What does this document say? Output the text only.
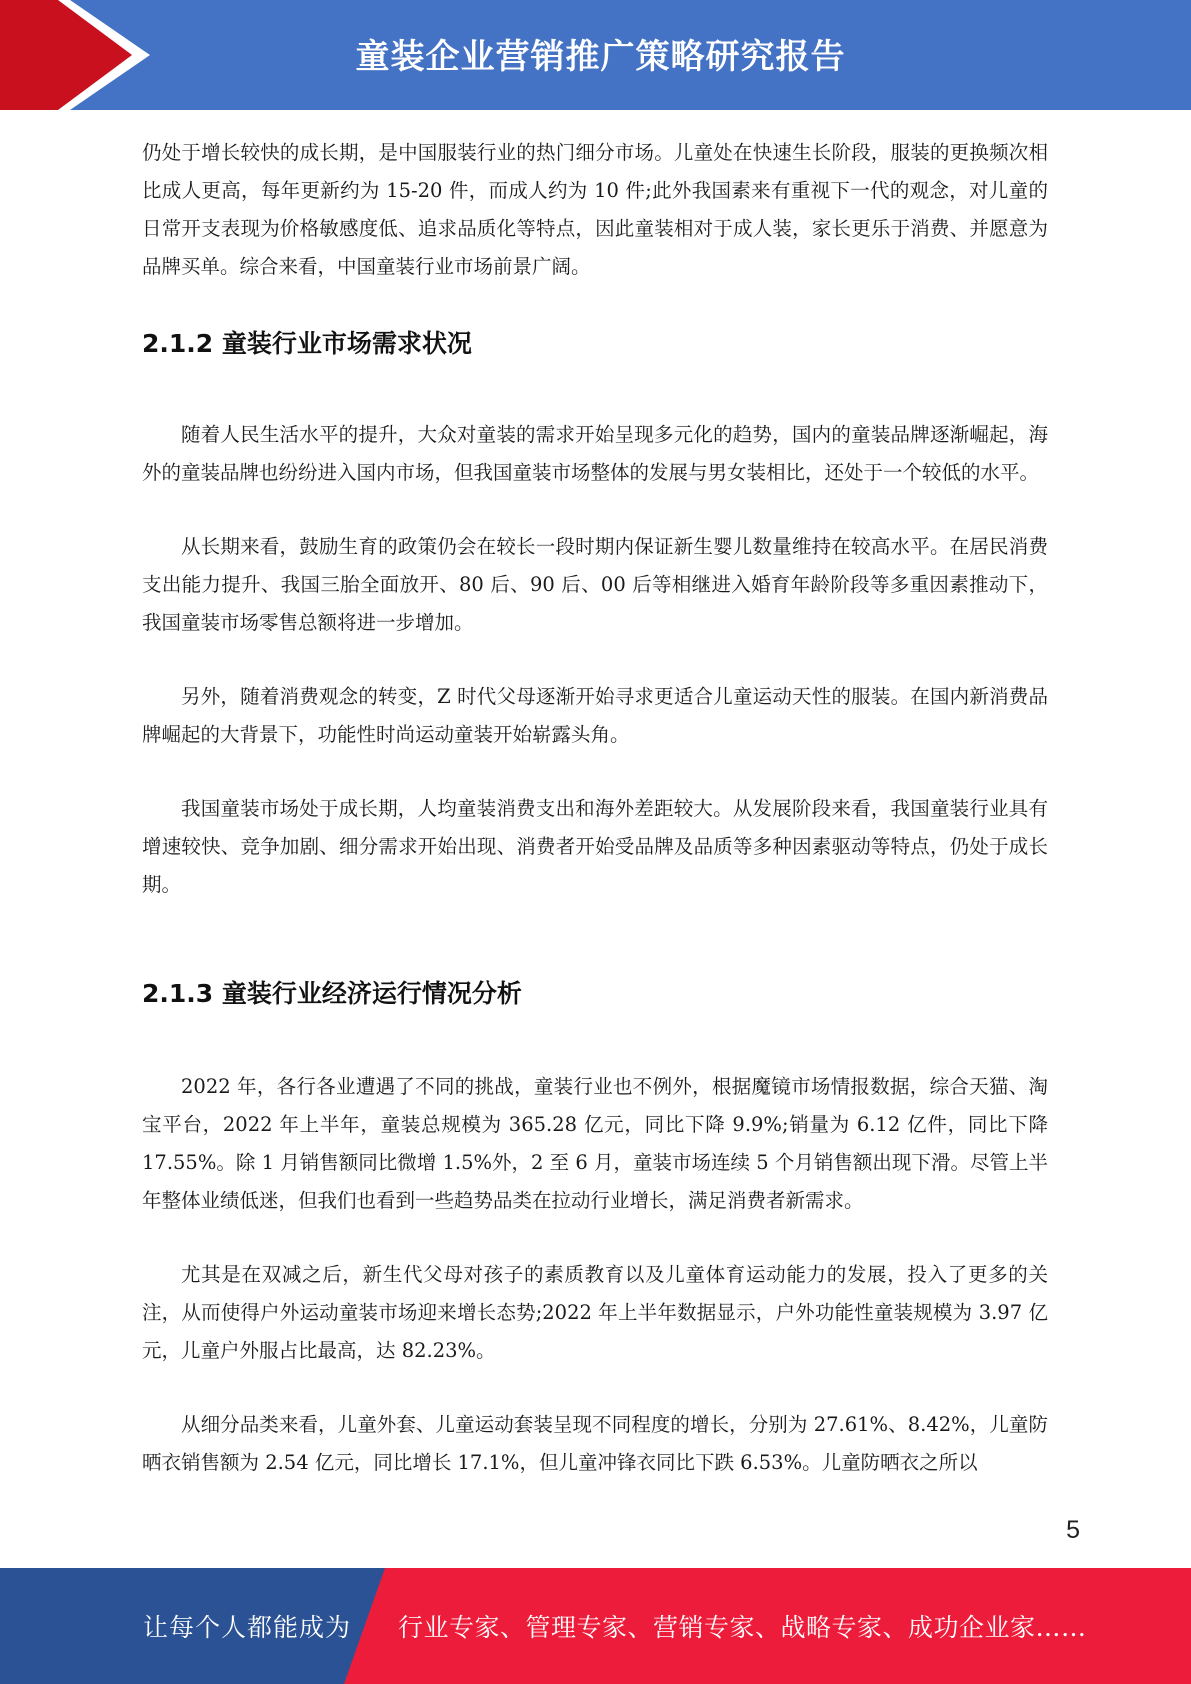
童装企业营销推广策略研究报告

仍处于增长较快的成长期，是中国服装行业的热门细分市场。儿童处在快速生长阶段，服装的更换频次相比成人更高，每年更新约为 15-20 件，而成人约为 10 件;此外我国素来有重视下一代的观念，对儿童的日常开支表现为价格敏感度低、追求品质化等特点，因此童装相对于成人装，家长更乐于消费、并愿意为品牌买单。综合来看，中国童装行业市场前景广阔。

2.1.2 童装行业市场需求状况

随着人民生活水平的提升，大众对童装的需求开始呈现多元化的趋势，国内的童装品牌逐渐崛起，海外的童装品牌也纷纷进入国内市场，但我国童装市场整体的发展与男女装相比，还处于一个较低的水平。

从长期来看，鼓励生育的政策仍会在较长一段时期内保证新生婴儿数量维持在较高水平。在居民消费支出能力提升、我国三胎全面放开、80 后、90 后、00 后等相继进入婚育年龄阶段等多重因素推动下，我国童装市场零售总额将进一步增加。

另外，随着消费观念的转变，Z 时代父母逐渐开始寻求更适合儿童运动天性的服装。在国内新消费品牌崛起的大背景下，功能性时尚运动童装开始崭露头角。

我国童装市场处于成长期，人均童装消费支出和海外差距较大。从发展阶段来看，我国童装行业具有增速较快、竞争加剧、细分需求开始出现、消费者开始受品牌及品质等多种因素驱动等特点，仍处于成长期。

2.1.3 童装行业经济运行情况分析

2022 年，各行各业遭遇了不同的挑战，童装行业也不例外，根据魔镜市场情报数据，综合天猫、淘宝平台，2022 年上半年，童装总规模为 365.28 亿元，同比下降 9.9%;销量为 6.12 亿件，同比下降 17.55%。除 1 月销售额同比微增 1.5%外，2 至 6 月，童装市场连续 5 个月销售额出现下滑。尽管上半年整体业绩低迷，但我们也看到一些趋势品类在拉动行业增长，满足消费者新需求。

尤其是在双减之后，新生代父母对孩子的素质教育以及儿童体育运动能力的发展，投入了更多的关注，从而使得户外运动童装市场迎来增长态势;2022 年上半年数据显示，户外功能性童装规模为 3.97 亿元，儿童户外服占比最高，达 82.23%。

从细分品类来看，儿童外套、儿童运动套装呈现不同程度的增长，分别为 27.61%、8.42%，儿童防晒衣销售额为 2.54 亿元，同比增长 17.1%，但儿童冲锋衣同比下跌 6.53%。儿童防晒衣之所以

5
让每个人都能成为 行业专家、管理专家、营销专家、战略专家、成功企业家……
